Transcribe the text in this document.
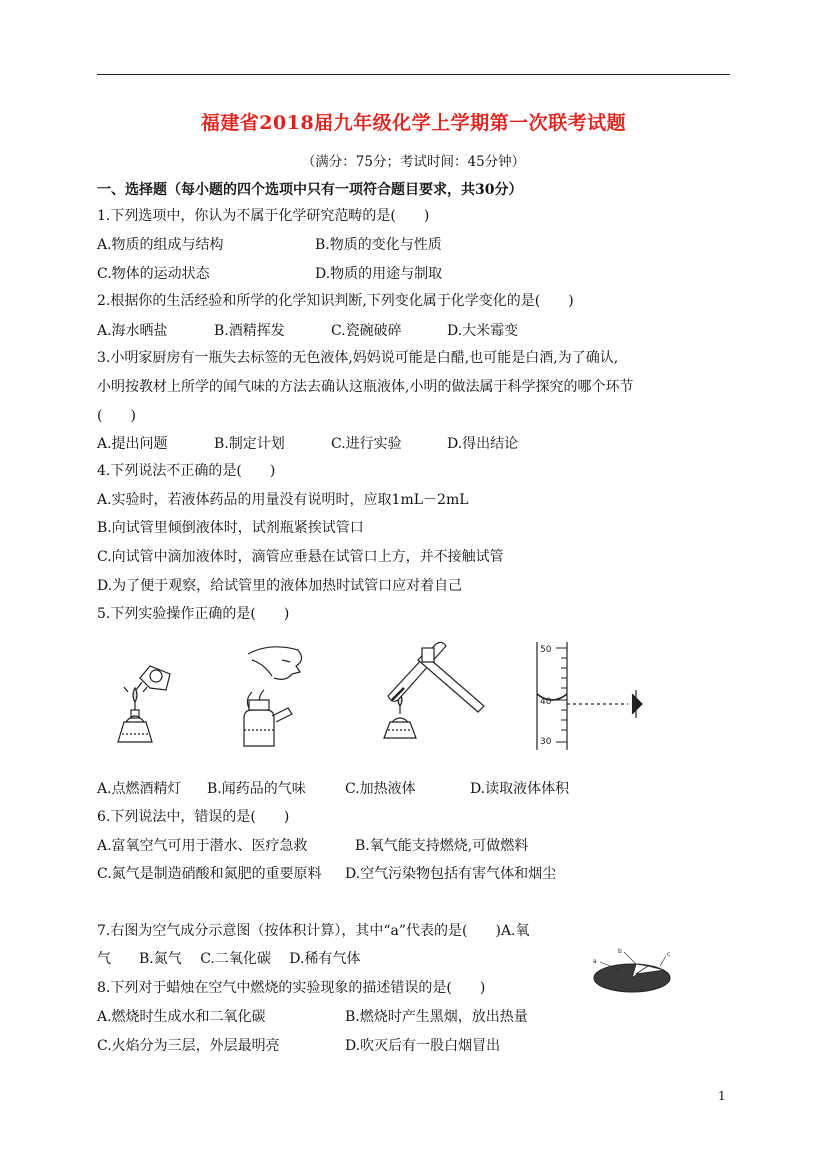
福建省2018届九年级化学上学期第一次联考试题
（满分：75分；考试时间：45分钟）
一、选择题（每小题的四个选项中只有一项符合题目要求，共30分）
1.下列选项中，你认为不属于化学研究范畴的是(　　)
A.物质的组成与结构	B.物质的变化与性质
C.物体的运动状态	D.物质的用途与制取
2.根据你的生活经验和所学的化学知识判断,下列变化属于化学变化的是(　　)
A.海水晒盐	B.酒精挥发	C.瓷碗破碎	D.大米霉变
3.小明家厨房有一瓶失去标签的无色液体,妈妈说可能是白醋,也可能是白酒,为了确认,
小明按教材上所学的闻气味的方法去确认这瓶液体,小明的做法属于科学探究的哪个环节
(　　)
A.提出问题	B.制定计划	C.进行实验	D.得出结论
4.下列说法不正确的是(　　)
A.实验时，若液体药品的用量没有说明时，应取1mL－2mL
B.向试管里倾倒液体时，试剂瓶紧挨试管口
C.向试管中滴加液体时，滴管应垂悬在试管口上方，并不接触试管
D.为了便于观察，给试管里的液体加热时试管口应对着自己
5.下列实验操作正确的是(　　)
50
40
30
A.点燃酒精灯 B.闻药品的气味	C.加热液体	D.读取液体体积
6.下列说法中，错误的是(　　)
A.富氧空气可用于潜水、医疗急救	B.氧气能支持燃烧,可做燃料
C.氮气是制造硝酸和氮肥的重要原料 D.空气污染物包括有害气体和烟尘
7.右图为空气成分示意图（按体积计算），其中“a”代表的是(　　)A.氧
气　　B.氮气　 C.二氧化碳　 D.稀有气体	a
b	c
8.下列对于蜡烛在空气中燃烧的实验现象的描述错误的是(　　)
A.燃烧时生成水和二氧化碳	B.燃烧时产生黑烟，放出热量
C.火焰分为三层，外层最明亮	D.吹灭后有一股白烟冒出
1
